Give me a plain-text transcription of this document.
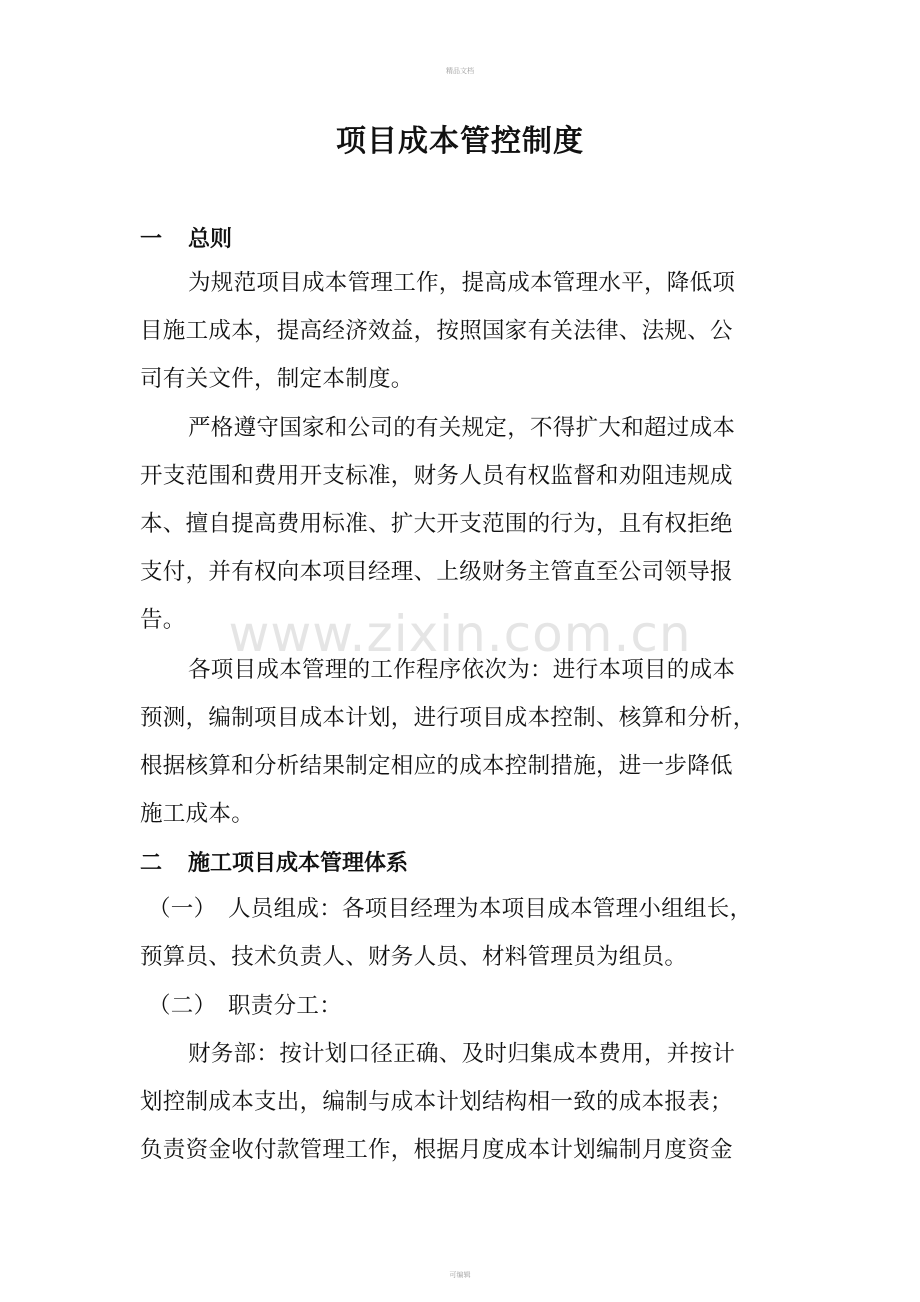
精品文档
项目成本管控制度
一 总则
为规范项目成本管理工作，提高成本管理水平，降低项
目施工成本，提高经济效益，按照国家有关法律、法规、公
司有关文件，制定本制度。
严格遵守国家和公司的有关规定，不得扩大和超过成本
开支范围和费用开支标准，财务人员有权监督和劝阻违规成
本、擅自提高费用标准、扩大开支范围的行为，且有权拒绝
支付，并有权向本项目经理、上级财务主管直至公司领导报
告。
各项目成本管理的工作程序依次为：进行本项目的成本
预测，编制项目成本计划，进行项目成本控制、核算和分析，
根据核算和分析结果制定相应的成本控制措施，进一步降低
施工成本。
二 施工项目成本管理体系
（一） 人员组成：各项目经理为本项目成本管理小组组长，
预算员、技术负责人、财务人员、材料管理员为组员。
（二） 职责分工：
财务部：按计划口径正确、及时归集成本费用，并按计
划控制成本支出，编制与成本计划结构相一致的成本报表；
负责资金收付款管理工作，根据月度成本计划编制月度资金
www.zixin.com.cn
可编辑
